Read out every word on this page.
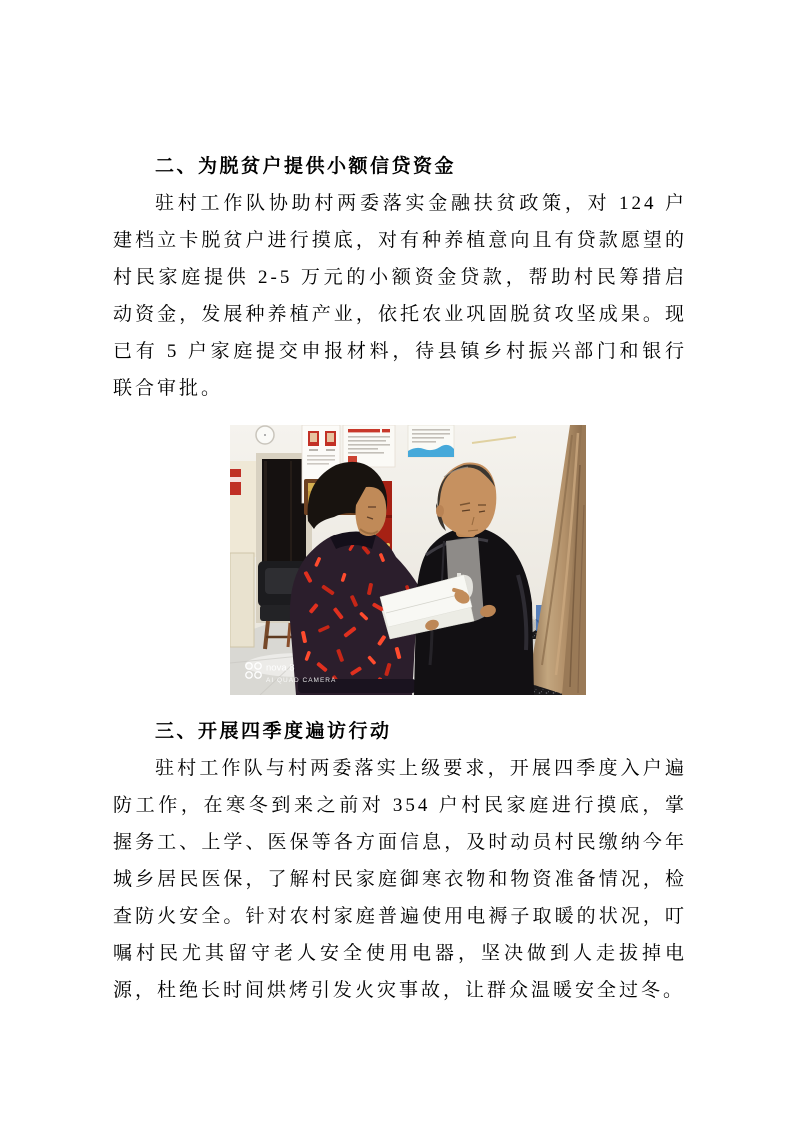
二、为脱贫户提供小额信贷资金

驻村工作队协助村两委落实金融扶贫政策，对 124 户建档立卡脱贫户进行摸底，对有种养植意向且有贷款愿望的村民家庭提供 2-5 万元的小额资金贷款，帮助村民筹措启动资金，发展种养植产业，依托农业巩固脱贫攻坚成果。现已有 5 户家庭提交申报材料，待县镇乡村振兴部门和银行联合审批。

nova 8
AI QUAD CAMERA
三、开展四季度遍访行动

驻村工作队与村两委落实上级要求，开展四季度入户遍防工作，在寒冬到来之前对 354 户村民家庭进行摸底，掌握务工、上学、医保等各方面信息，及时动员村民缴纳今年城乡居民医保，了解村民家庭御寒衣物和物资准备情况，检查防火安全。针对农村家庭普遍使用电褥子取暖的状况，叮嘱村民尤其留守老人安全使用电器，坚决做到人走拔掉电源，杜绝长时间烘烤引发火灾事故，让群众温暖安全过冬。
